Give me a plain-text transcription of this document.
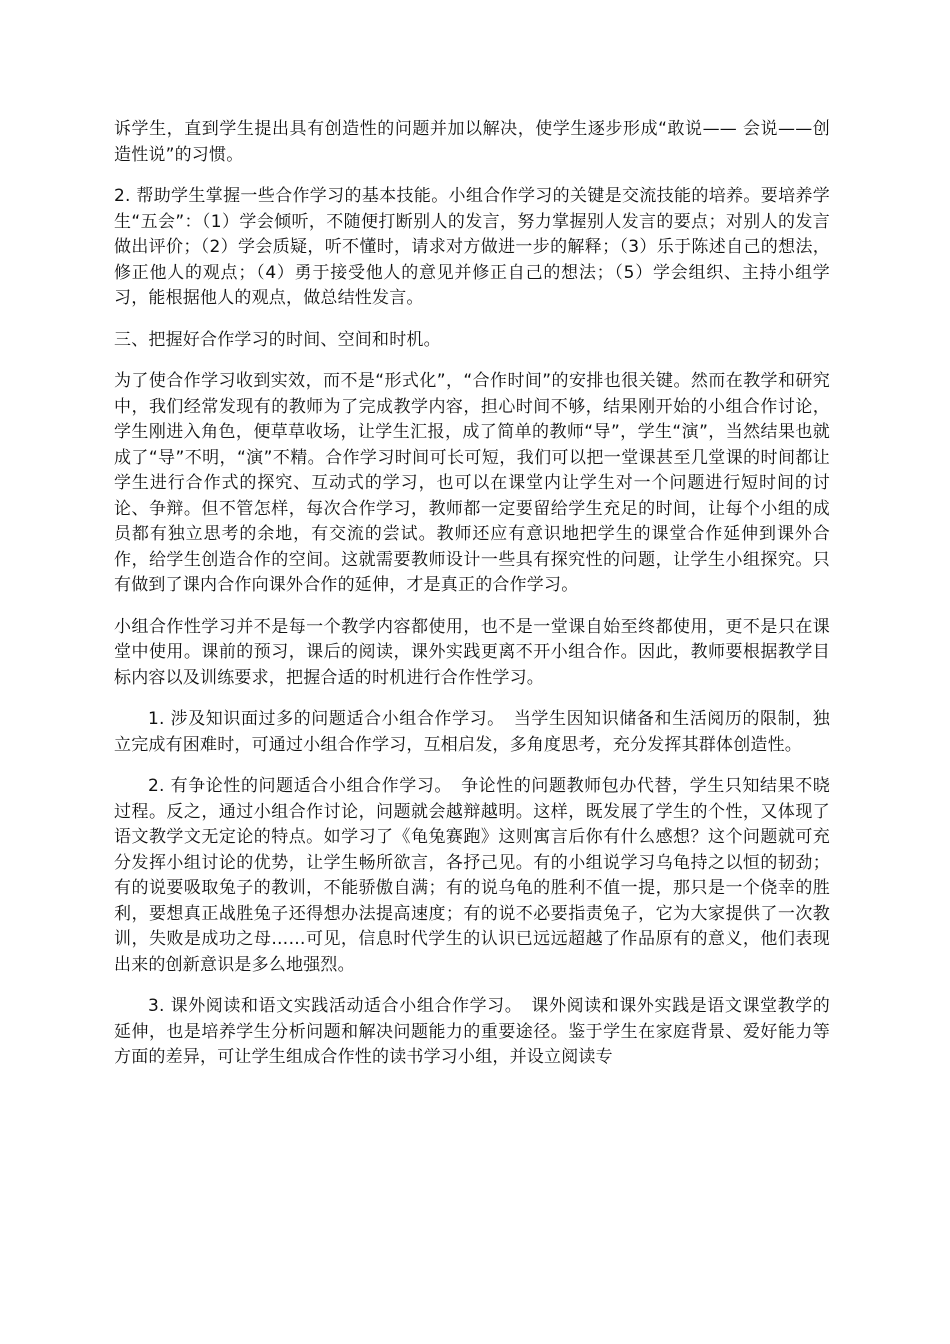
诉学生，直到学生提出具有创造性的问题并加以解决，使学生逐步形成“敢说—— 会说——创造性说”的习惯。

2. 帮助学生掌握一些合作学习的基本技能。小组合作学习的关键是交流技能的培养。要培养学生“五会”：（1）学会倾听，不随便打断别人的发言，努力掌握别人发言的要点；对别人的发言做出评价；（2）学会质疑，听不懂时，请求对方做进一步的解释；（3）乐于陈述自己的想法，修正他人的观点；（4）勇于接受他人的意见并修正自己的想法；（5）学会组织、主持小组学习，能根据他人的观点，做总结性发言。

三、把握好合作学习的时间、空间和时机。

为了使合作学习收到实效，而不是“形式化”，“合作时间”的安排也很关键。然而在教学和研究中，我们经常发现有的教师为了完成教学内容，担心时间不够，结果刚开始的小组合作讨论，学生刚进入角色，便草草收场，让学生汇报，成了简单的教师“导”，学生“演”，当然结果也就成了“导”不明，“演”不精。合作学习时间可长可短，我们可以把一堂课甚至几堂课的时间都让学生进行合作式的探究、互动式的学习，也可以在课堂内让学生对一个问题进行短时间的讨论、争辩。但不管怎样，每次合作学习，教师都一定要留给学生充足的时间，让每个小组的成员都有独立思考的余地，有交流的尝试。教师还应有意识地把学生的课堂合作延伸到课外合作，给学生创造合作的空间。这就需要教师设计一些具有探究性的问题，让学生小组探究。只有做到了课内合作向课外合作的延伸，才是真正的合作学习。

小组合作性学习并不是每一个教学内容都使用，也不是一堂课自始至终都使用，更不是只在课堂中使用。课前的预习，课后的阅读，课外实践更离不开小组合作。因此，教师要根据教学目标内容以及训练要求，把握合适的时机进行合作性学习。

1. 涉及知识面过多的问题适合小组合作学习。　当学生因知识储备和生活阅历的限制，独立完成有困难时，可通过小组合作学习，互相启发，多角度思考，充分发挥其群体创造性。

2. 有争论性的问题适合小组合作学习。　争论性的问题教师包办代替，学生只知结果不晓过程。反之，通过小组合作讨论，问题就会越辩越明。这样，既发展了学生的个性，又体现了语文教学文无定论的特点。如学习了《龟兔赛跑》这则寓言后你有什么感想？这个问题就可充分发挥小组讨论的优势，让学生畅所欲言，各抒己见。有的小组说学习乌龟持之以恒的韧劲；有的说要吸取兔子的教训，不能骄傲自满；有的说乌龟的胜利不值一提，那只是一个侥幸的胜利，要想真正战胜兔子还得想办法提高速度；有的说不必要指责兔子，它为大家提供了一次教训，失败是成功之母……可见，信息时代学生的认识已远远超越了作品原有的意义，他们表现出来的创新意识是多么地强烈。

3. 课外阅读和语文实践活动适合小组合作学习。　课外阅读和课外实践是语文课堂教学的延伸，也是培养学生分析问题和解决问题能力的重要途径。鉴于学生在家庭背景、爱好能力等方面的差异，可让学生组成合作性的读书学习小组，并设立阅读专
